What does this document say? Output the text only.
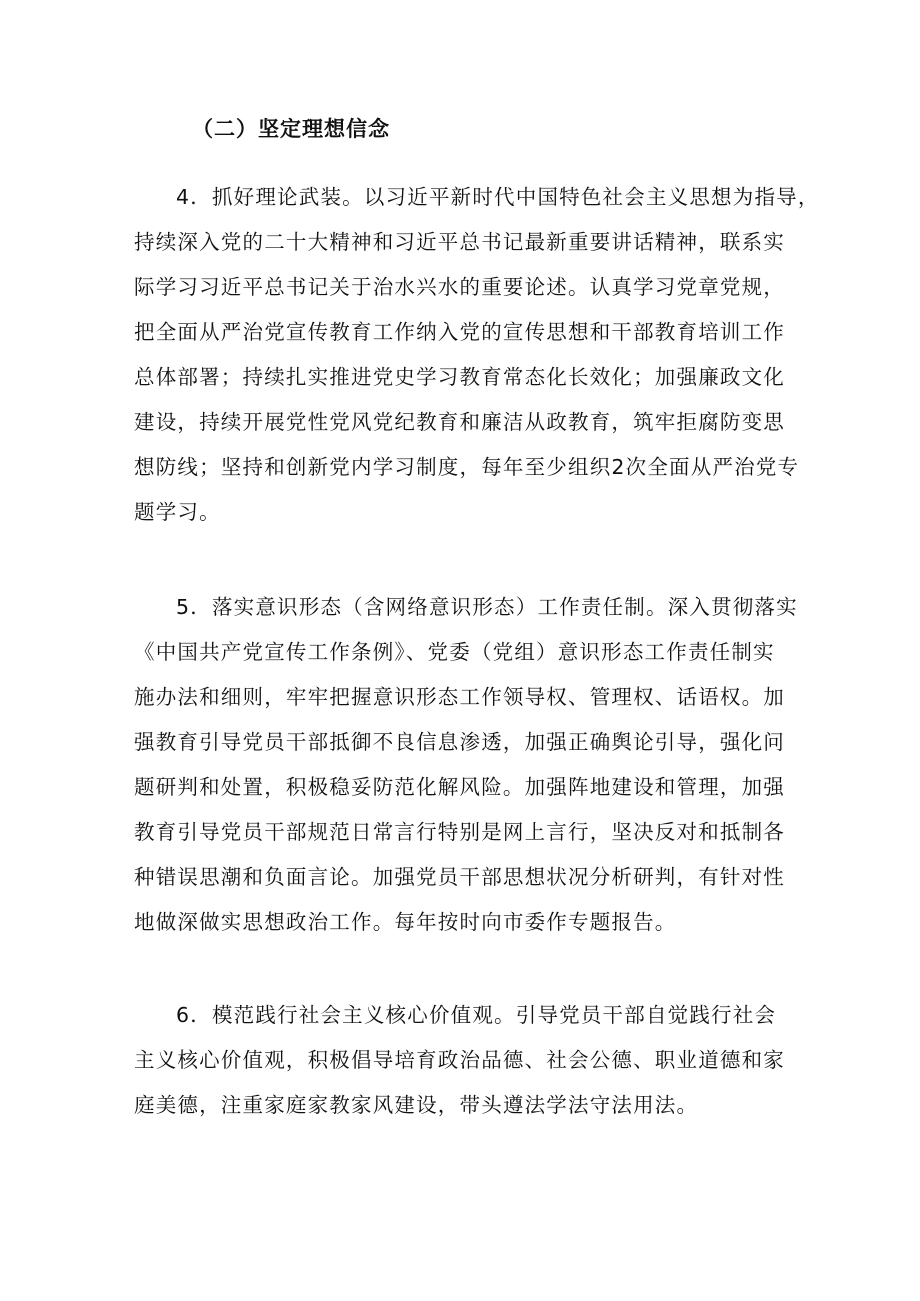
（二）坚定理想信念
4．抓好理论武装。以习近平新时代中国特色社会主义思想为指导，
持续深入党的二十大精神和习近平总书记最新重要讲话精神，联系实
际学习习近平总书记关于治水兴水的重要论述。认真学习党章党规，
把全面从严治党宣传教育工作纳入党的宣传思想和干部教育培训工作
总体部署；持续扎实推进党史学习教育常态化长效化；加强廉政文化
建设，持续开展党性党风党纪教育和廉洁从政教育，筑牢拒腐防变思
想防线；坚持和创新党内学习制度，每年至少组织2次全面从严治党专
题学习。
5．落实意识形态（含网络意识形态）工作责任制。深入贯彻落实
《中国共产党宣传工作条例》、党委（党组）意识形态工作责任制实
施办法和细则，牢牢把握意识形态工作领导权、管理权、话语权。加
强教育引导党员干部抵御不良信息渗透，加强正确舆论引导，强化问
题研判和处置，积极稳妥防范化解风险。加强阵地建设和管理，加强
教育引导党员干部规范日常言行特别是网上言行，坚决反对和抵制各
种错误思潮和负面言论。加强党员干部思想状况分析研判，有针对性
地做深做实思想政治工作。每年按时向市委作专题报告。
6．模范践行社会主义核心价值观。引导党员干部自觉践行社会
主义核心价值观，积极倡导培育政治品德、社会公德、职业道德和家
庭美德，注重家庭家教家风建设，带头遵法学法守法用法。
